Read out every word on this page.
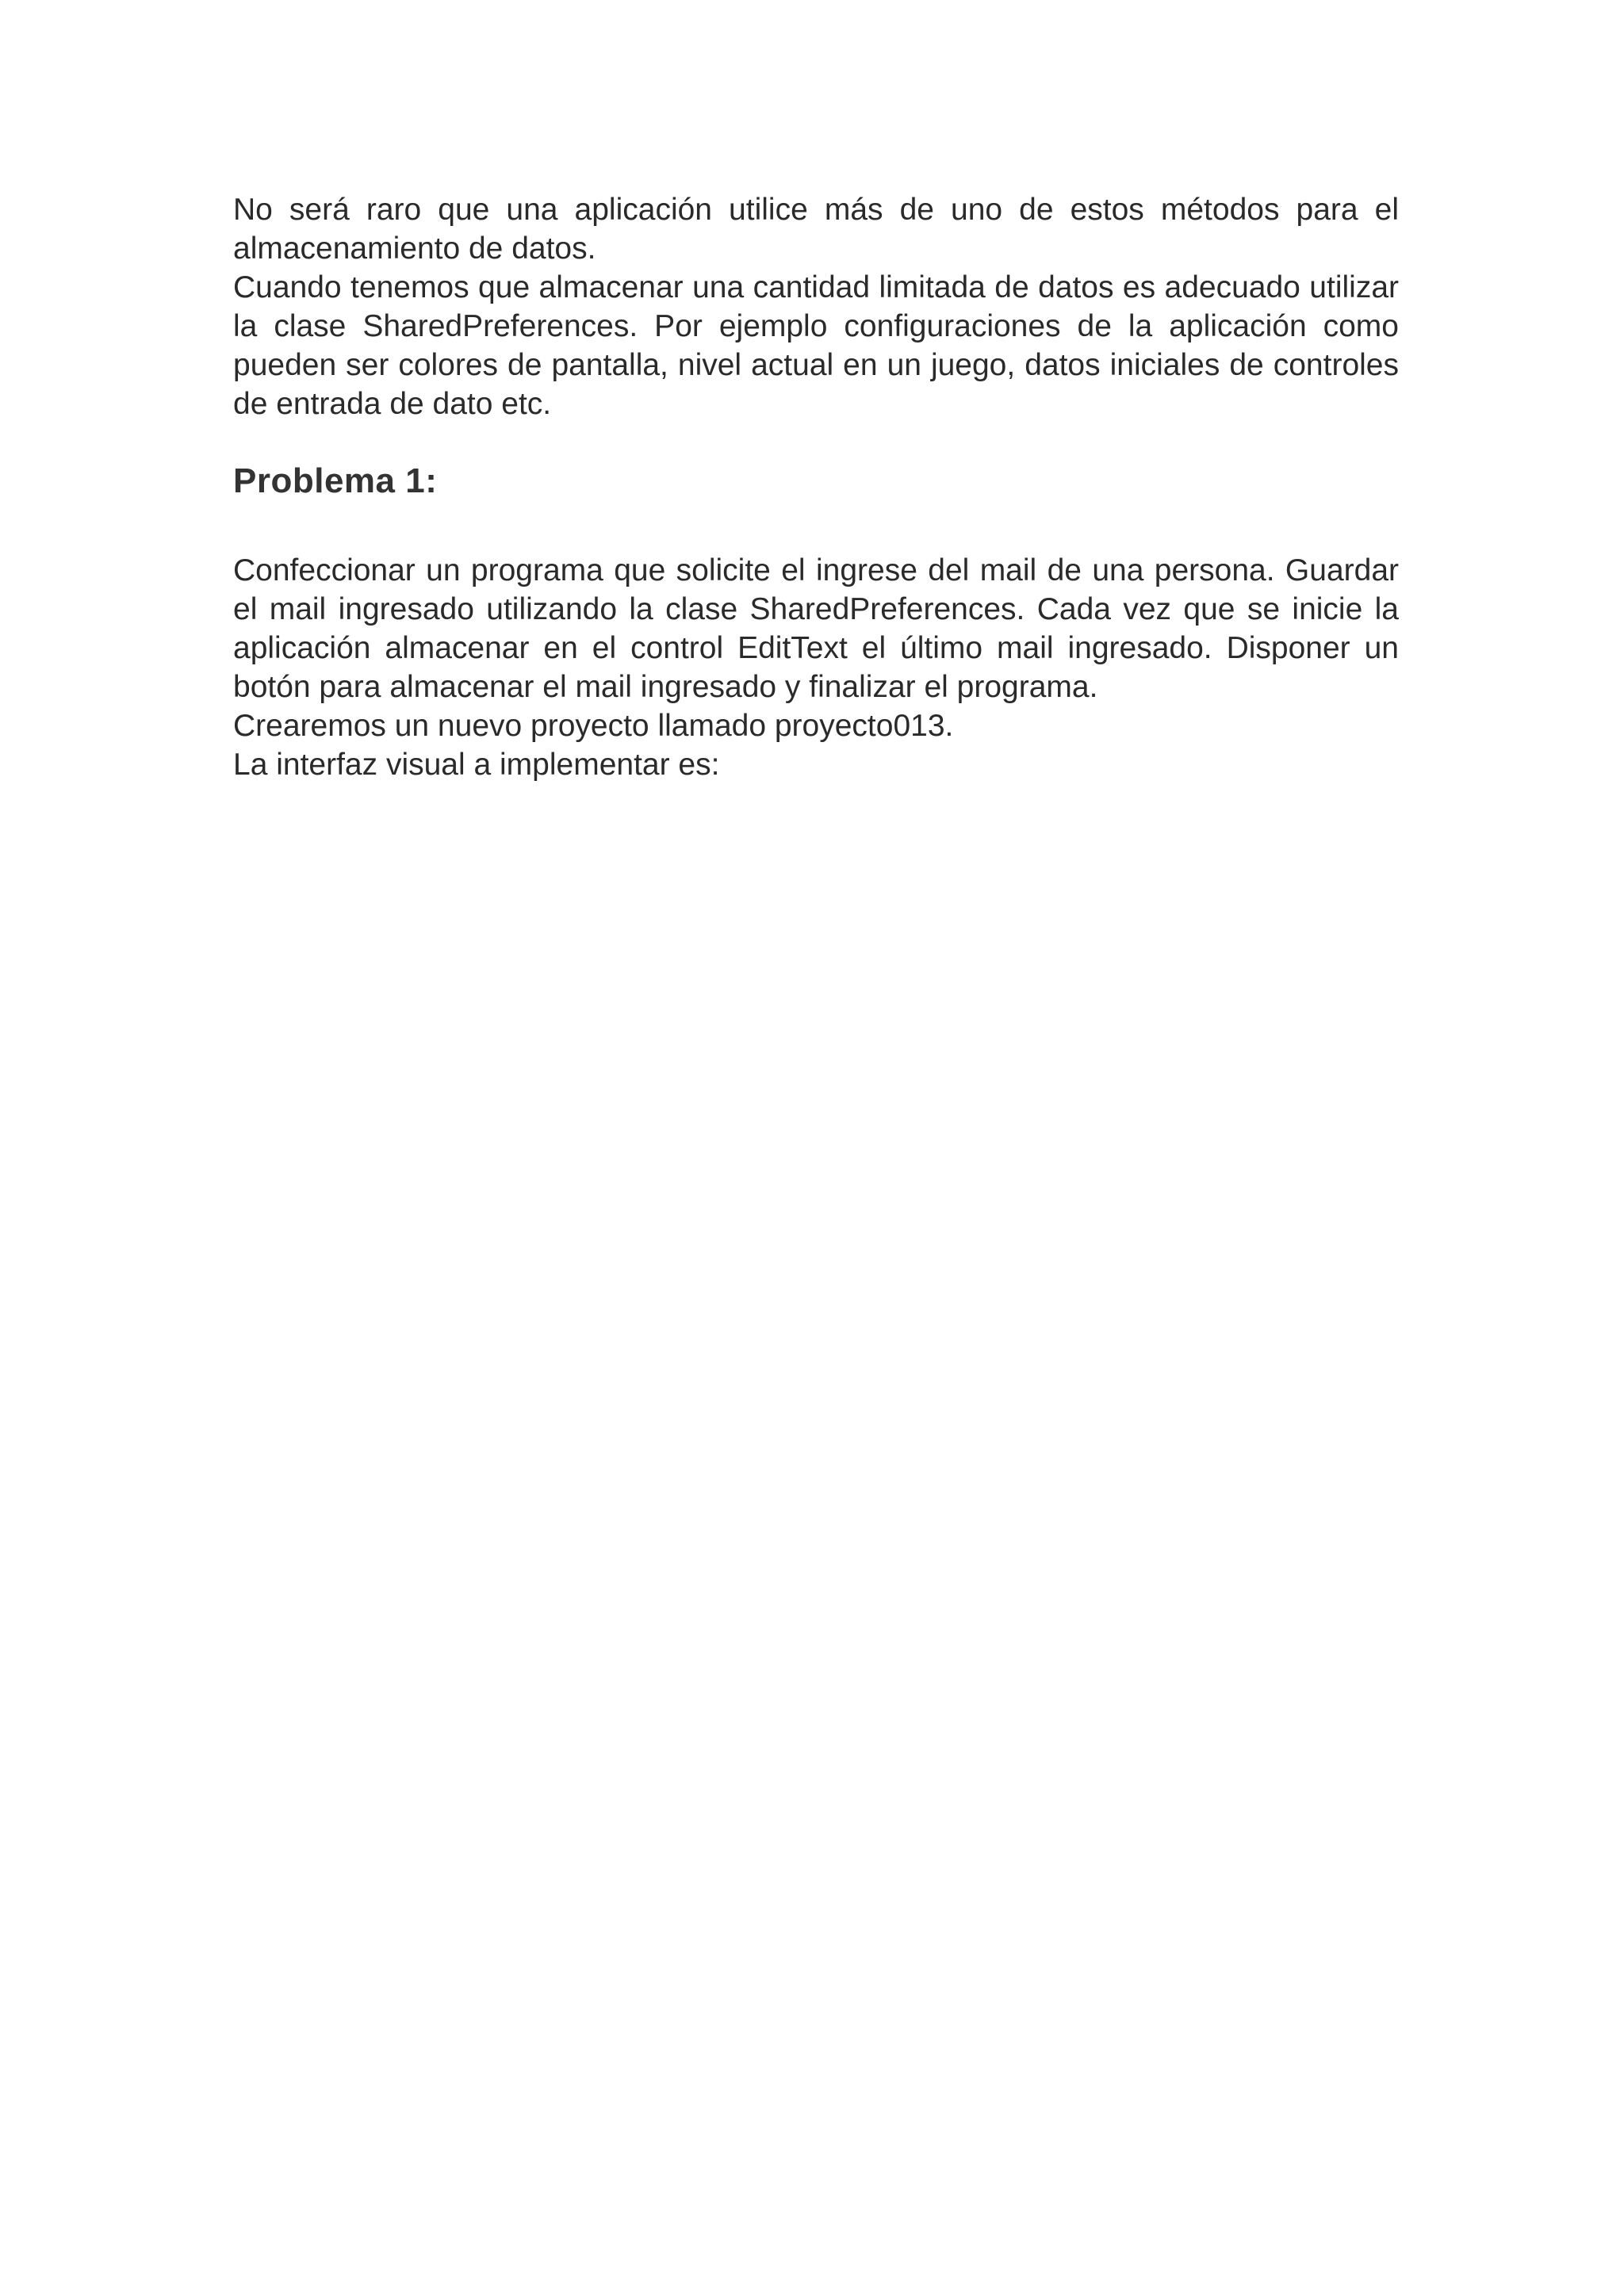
No será raro que una aplicación utilice más de uno de estos métodos para el almacenamiento de datos.

Cuando tenemos que almacenar una cantidad limitada de datos es adecuado utilizar la clase SharedPreferences. Por ejemplo configuraciones de la aplicación como pueden ser colores de pantalla, nivel actual en un juego, datos iniciales de controles de entrada de dato etc.

Problema 1:

Confeccionar un programa que solicite el ingrese del mail de una persona. Guardar el mail ingresado utilizando la clase SharedPreferences. Cada vez que se inicie la aplicación almacenar en el control EditText el último mail ingresado. Disponer un botón para almacenar el mail ingresado y finalizar el programa.

Crearemos un nuevo proyecto llamado proyecto013.

La interfaz visual a implementar es:
